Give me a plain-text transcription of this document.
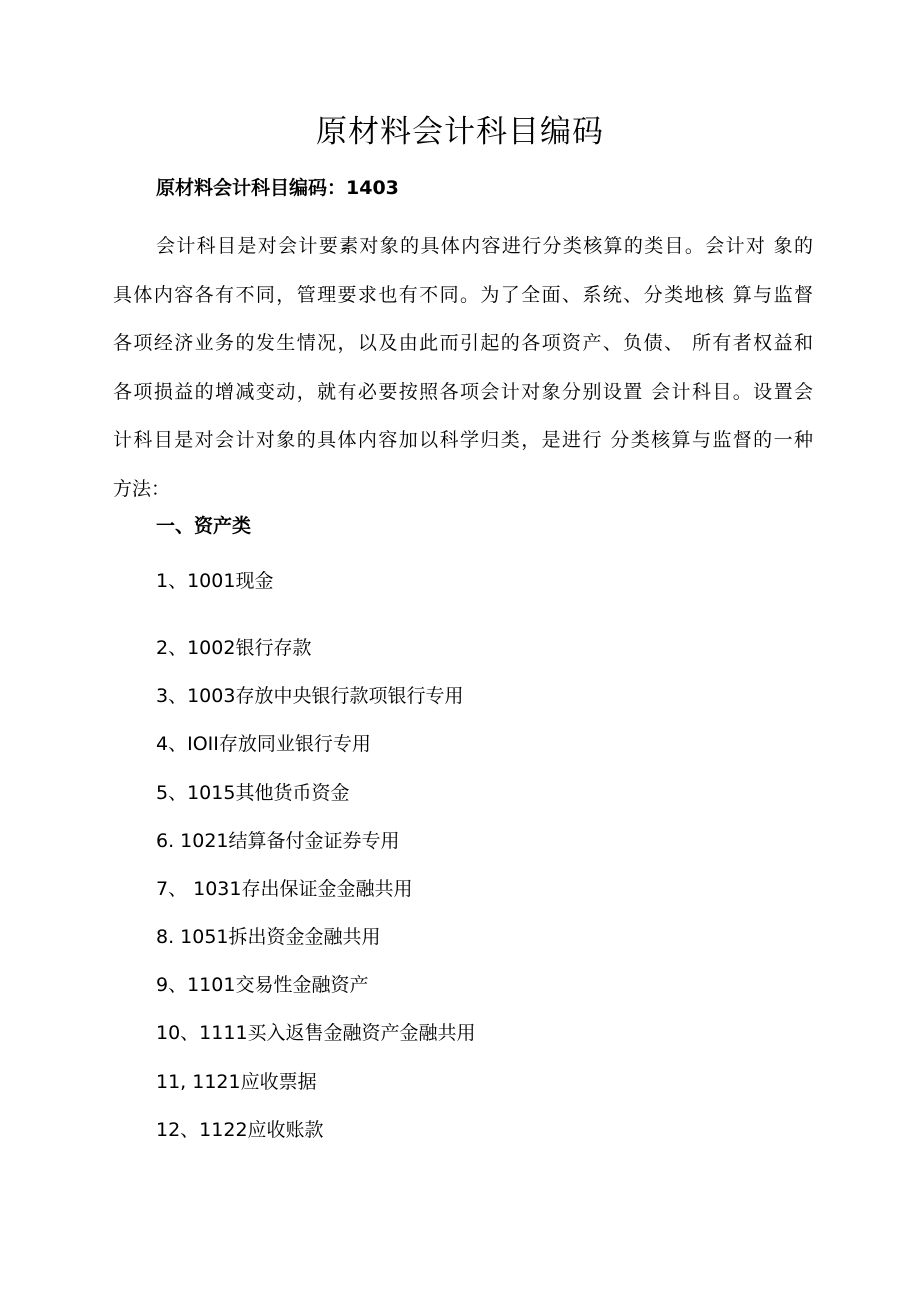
原材料会计科目编码

原材料会计科目编码：1403

会计科目是对会计要素对象的具体内容进行分类核算的类目。会计对 象的
具体内容各有不同，管理要求也有不同。为了全面、系统、分类地核 算与监督
各项经济业务的发生情况，以及由此而引起的各项资产、负债、 所有者权益和
各项损益的增减变动，就有必要按照各项会计对象分别设置 会计科目。设置会
计科目是对会计对象的具体内容加以科学归类，是进行 分类核算与监督的一种
方法：

一、资产类

1、1001现金

2、1002银行存款

3、1003存放中央银行款项银行专用

4、IOII存放同业银行专用

5、1015其他货币资金

6. 1021结算备付金证券专用

7、 1031存出保证金金融共用

8. 1051拆出资金金融共用

9、1101交易性金融资产

10、1111买入返售金融资产金融共用

11, 1121应收票据

12、1122应收账款
